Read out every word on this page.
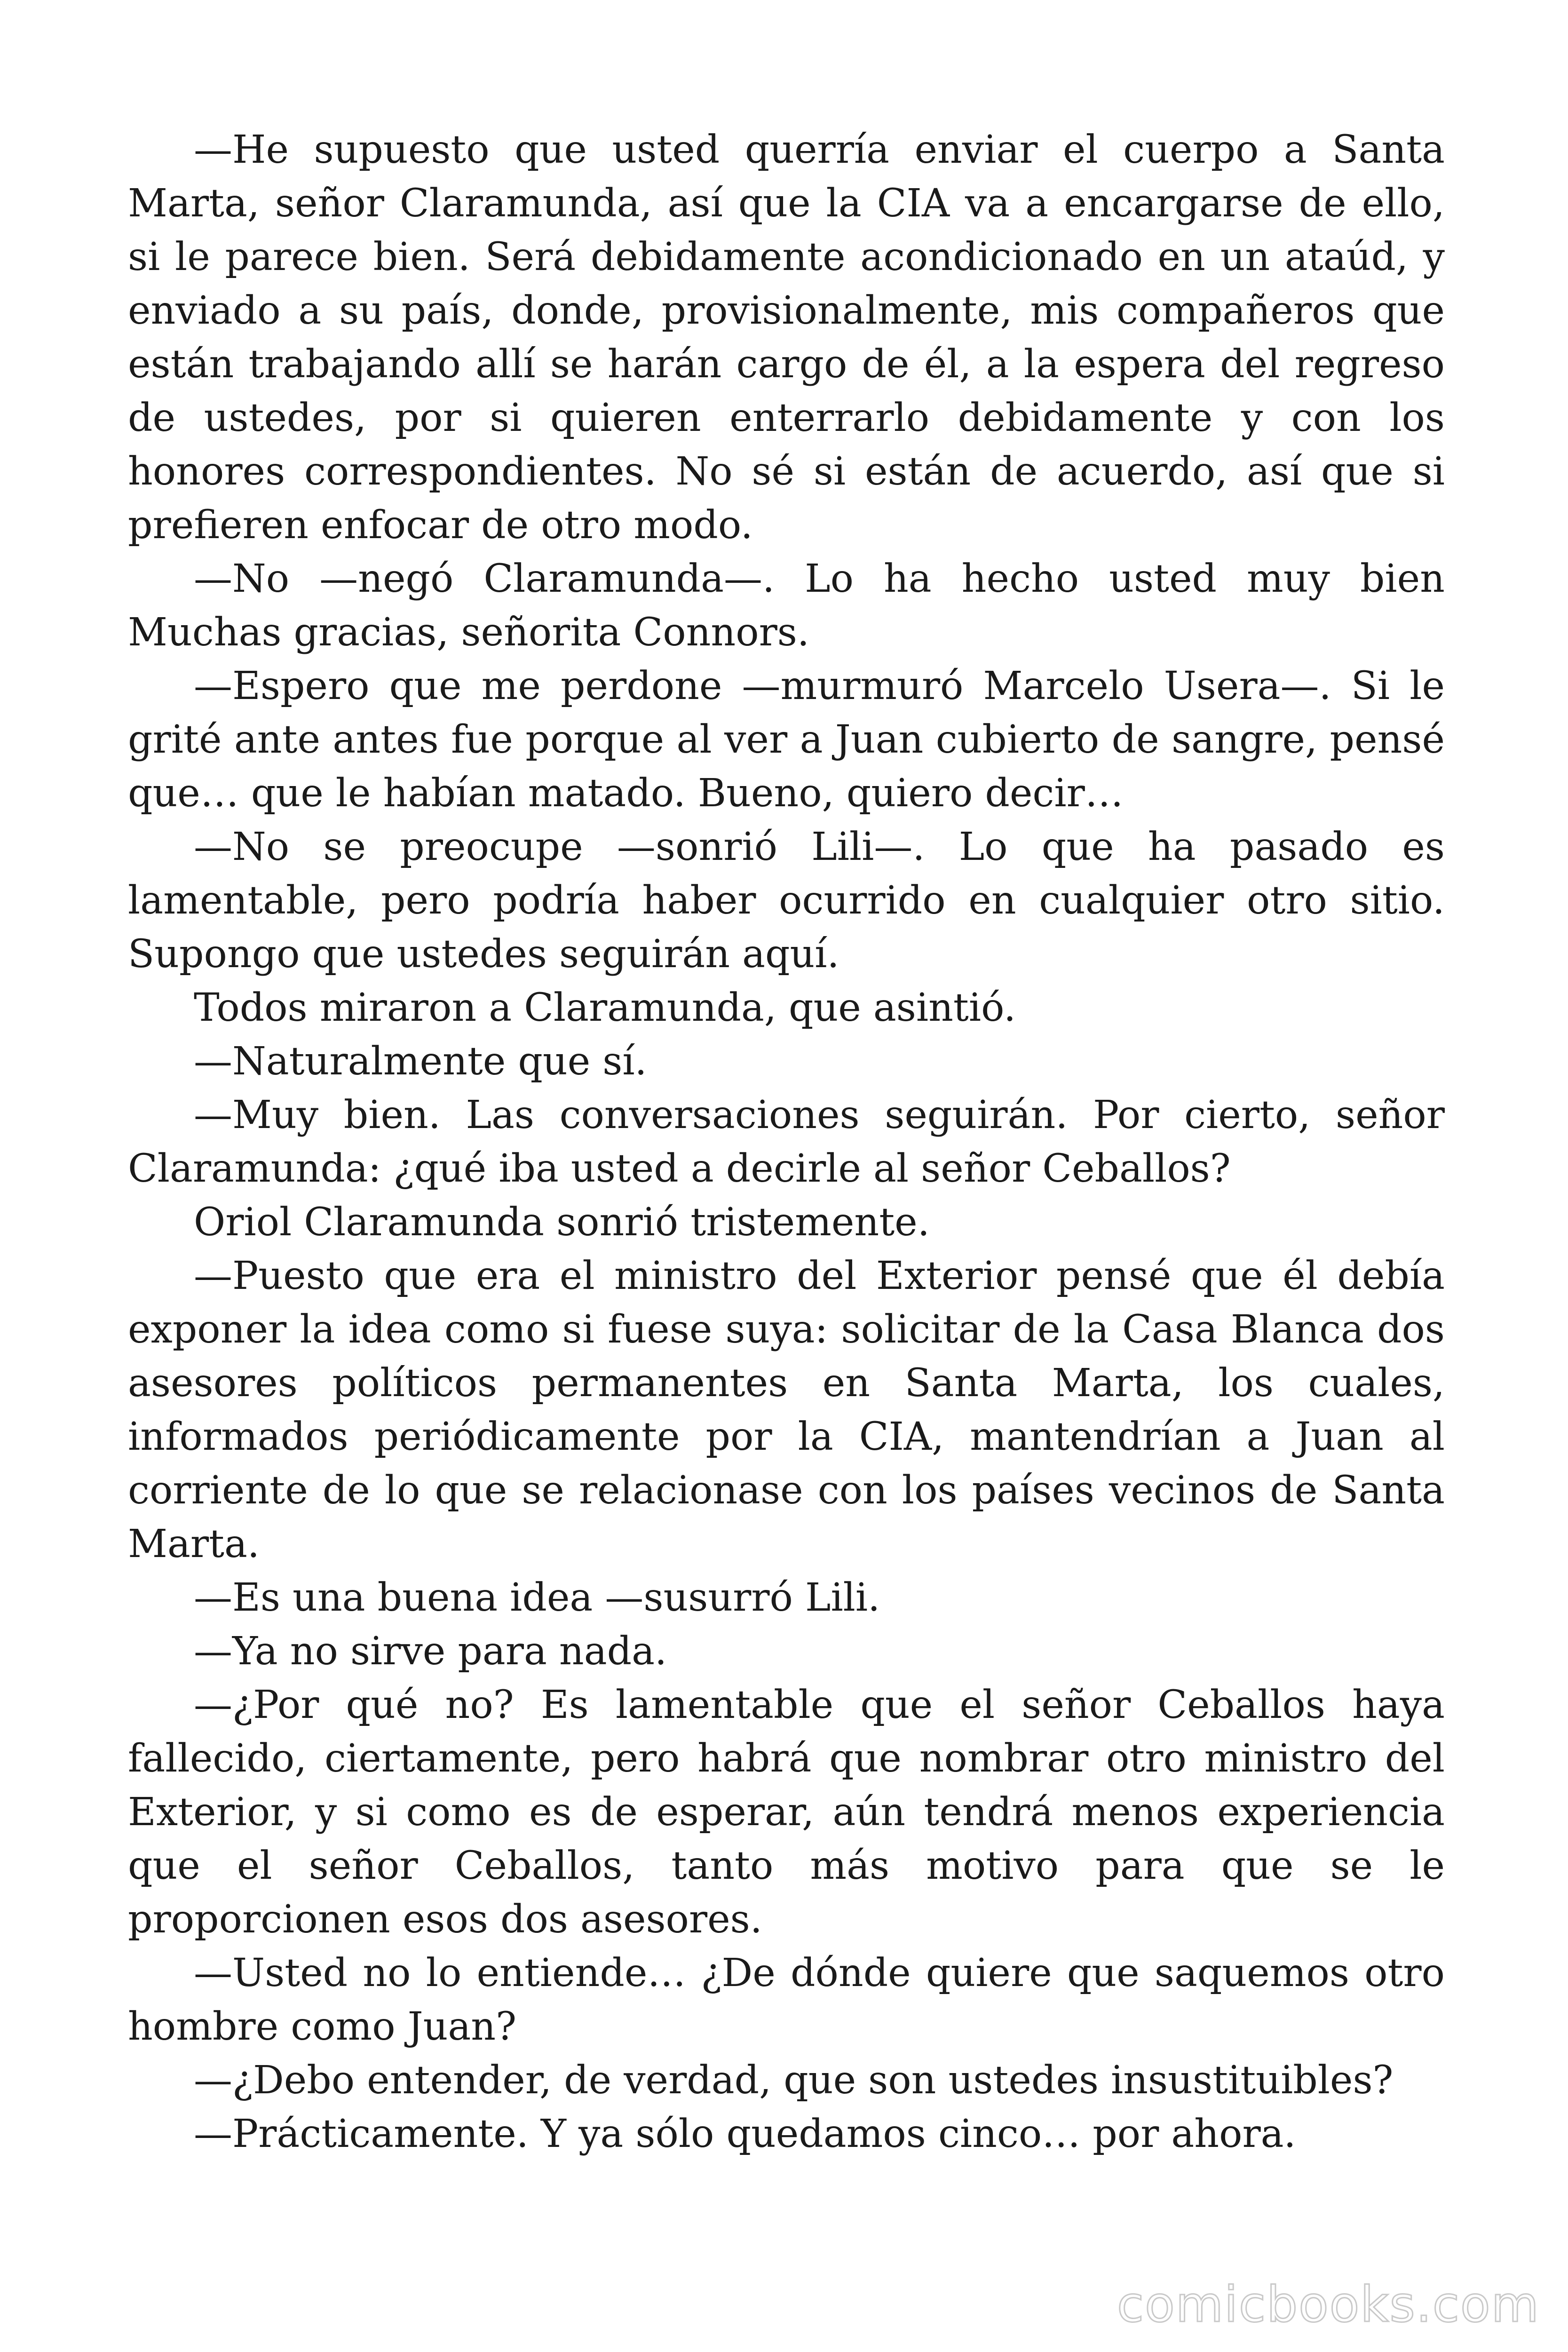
—He supuesto que usted querría enviar el cuerpo a Santa Marta, señor Claramunda, así que la CIA va a encargarse de ello, si le parece bien. Será debidamente acondicionado en un ataúd, y enviado a su país, donde, provisionalmente, mis compañeros que están trabajando allí se harán cargo de él, a la espera del regreso de ustedes, por si quieren enterrarlo debidamente y con los honores correspondientes. No sé si están de acuerdo, así que si prefieren enfocar de otro modo.

—No —negó Claramunda—. Lo ha hecho usted muy bien Muchas gracias, señorita Connors.

—Espero que me perdone —murmuró Marcelo Usera—. Si le grité ante antes fue porque al ver a Juan cubierto de sangre, pensé que… que le habían matado. Bueno, quiero decir…

—No se preocupe —sonrió Lili—. Lo que ha pasado es lamentable, pero podría haber ocurrido en cualquier otro sitio. Supongo que ustedes seguirán aquí.

Todos miraron a Claramunda, que asintió.

—Naturalmente que sí.

—Muy bien. Las conversaciones seguirán. Por cierto, señor Claramunda: ¿qué iba usted a decirle al señor Ceballos?

Oriol Claramunda sonrió tristemente.

—Puesto que era el ministro del Exterior pensé que él debía exponer la idea como si fuese suya: solicitar de la Casa Blanca dos asesores políticos permanentes en Santa Marta, los cuales, informados periódicamente por la CIA, mantendrían a Juan al corriente de lo que se relacionase con los países vecinos de Santa Marta.

—Es una buena idea —susurró Lili.

—Ya no sirve para nada.

—¿Por qué no? Es lamentable que el señor Ceballos haya fallecido, ciertamente, pero habrá que nombrar otro ministro del Exterior, y si como es de esperar, aún tendrá menos experiencia que el señor Ceballos, tanto más motivo para que se le proporcionen esos dos asesores.

—Usted no lo entiende… ¿De dónde quiere que saquemos otro hombre como Juan?

—¿Debo entender, de verdad, que son ustedes insustituibles?

—Prácticamente. Y ya sólo quedamos cinco… por ahora.

comicbooks.com
